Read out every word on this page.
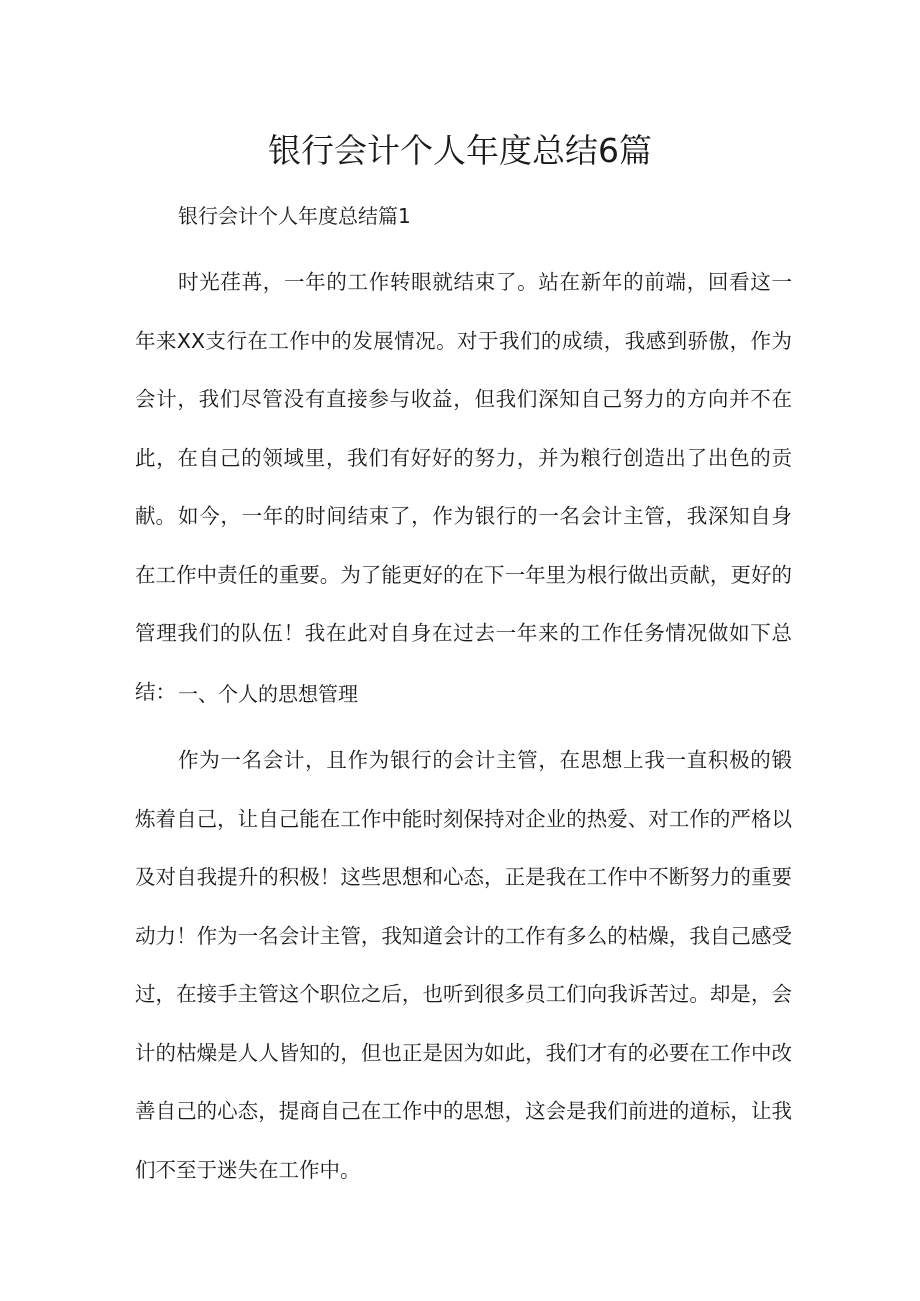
银行会计个人年度总结6篇

银行会计个人年度总结篇1

时光荏苒，一年的工作转眼就结束了。站在新年的前端，回看这一年来XX支行在工作中的发展情况。对于我们的成绩，我感到骄傲，作为会计，我们尽管没有直接参与收益，但我们深知自己努力的方向并不在此，在自己的领域里，我们有好好的努力，并为粮行创造出了出色的贡献。 如今，一年的时间结束了，作为银行的一名会计主管，我深知自身在工作中责任的重要。为了能更好的在下一年里为根行做出贡献，更好的管理我们的队伍！我在此对自身在过去一年来的工作任务情况做如下总结： 一、个人的思想管理

作为一名会计，且作为银行的会计主管，在思想上我一直积极的锻炼着自己，让自己能在工作中能时刻保持对企业的热爱、对工作的严格以及对自我提升的积极！这些思想和心态，正是我在工作中不断努力的重要动力！作为一名会计主管，我知道会计的工作有多么的枯燥，我自己感受过，在接手主管这个职位之后，也听到很多员工们向我诉苦过。却是，会计的枯燥是人人皆知的，但也正是因为如此，我们才有的必要在工作中改善自己的心态，提商自己在工作中的思想，这会是我们前进的道标，让我们不至于迷失在工作中。
